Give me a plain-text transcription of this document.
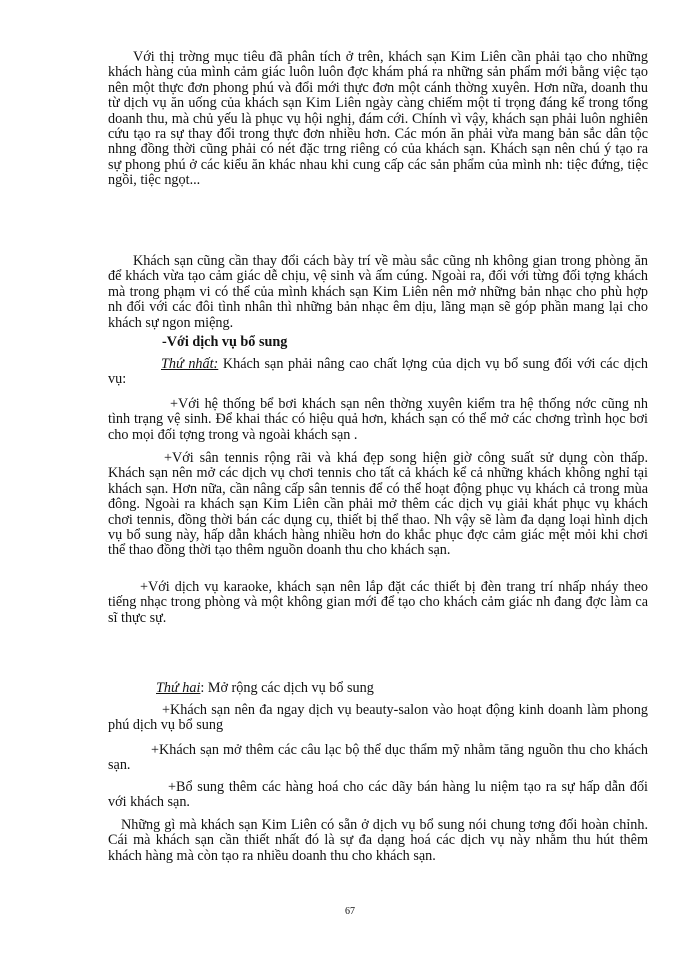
Với thị trờng mục tiêu đã phân tích ở trên, khách sạn Kim Liên cần phải tạo cho những khách hàng của mình cảm giác luôn luôn đợc khám phá ra những sản phẩm mới bằng việc tạo nên một thực đơn phong phú và đổi mới thực đơn một cánh thờng xuyên. Hơn nữa, doanh thu từ dịch vụ ăn uống của khách sạn Kim Liên ngày càng chiếm một tỉ trọng đáng kể trong tổng doanh thu, mà chủ yếu là phục vụ hội nghị, đám cới. Chính vì vậy, khách sạn phải luôn nghiên cứu tạo ra sự thay đổi trong thực đơn nhiều hơn. Các món ăn phải vừa mang bản sắc dân tộc nhng đồng thời cũng phải có nét đặc trng riêng có của khách sạn. Khách sạn nên chú ý tạo ra sự phong phú ở các kiểu ăn khác nhau khi cung cấp các sản phẩm của mình nh: tiệc đứng, tiệc ngồi, tiệc ngọt...

Khách sạn cũng cần thay đổi cách bày trí về màu sắc cũng nh không gian trong phòng ăn để khách vừa tạo cảm giác dễ chịu, vệ sinh và ấm cúng. Ngoài ra, đối với từng đối tợng khách mà trong phạm vi có thể của mình khách sạn Kim Liên nên mở những bản nhạc cho phù hợp nh đối với các đôi tình nhân thì những bản nhạc êm dịu, lãng mạn sẽ góp phần mang lại cho khách sự ngon miệng.

-Với dịch vụ bổ sung

Thứ nhất: Khách sạn phải nâng cao chất lợng của dịch vụ bổ sung đối với các dịch vụ:

+Với hệ thống bể bơi khách sạn nên thờng xuyên kiểm tra hệ thống nớc cũng nh tình trạng vệ sinh. Để khai thác có hiệu quả hơn, khách sạn có thể mở các chơng trình học bơi cho mọi đối tợng trong và ngoài khách sạn .

+Với sân tennis rộng rãi và khá đẹp song hiện giờ công suất sử dụng còn thấp. Khách sạn nên mở các dịch vụ chơi tennis cho tất cả khách kể cả những khách không nghỉ tại khách sạn. Hơn nữa, cần nâng cấp sân tennis để có thể hoạt động phục vụ khách cả trong mùa đông. Ngoài ra khách sạn Kim Liên cần phải mở thêm các dịch vụ giải khát phục vụ khách chơi tennis, đồng thời bán các dụng cụ, thiết bị thể thao. Nh vậy sẽ làm đa dạng loại hình dịch vụ bổ sung này, hấp dẫn khách hàng nhiều hơn do khắc phục đợc cảm giác mệt mỏi khi chơi thể thao đồng thời tạo thêm nguồn doanh thu cho khách sạn.

+Với dịch vụ karaoke, khách sạn nên lắp đặt các thiết bị đèn trang trí nhấp nháy theo tiếng nhạc trong phòng và một không gian mới để tạo cho khách cảm giác nh đang đợc làm ca sĩ thực sự.

Thứ hai: Mở rộng các dịch vụ bổ sung

+Khách sạn nên đa ngay dịch vụ beauty-salon vào hoạt động kinh doanh làm phong phú dịch vụ bổ sung

+Khách sạn mở thêm các câu lạc bộ thể dục thẩm mỹ nhằm tăng nguồn thu cho khách sạn.

+Bổ sung thêm các hàng hoá cho các dãy bán hàng lu niệm tạo ra sự hấp dẫn đối với khách sạn.

Những gì mà khách sạn Kim Liên có sẵn ở dịch vụ bổ sung nói chung tơng đối hoàn chỉnh. Cái mà khách sạn cần thiết nhất đó là sự đa dạng hoá các dịch vụ này nhằm thu hút thêm khách hàng mà còn tạo ra nhiều doanh thu cho khách sạn.

67
